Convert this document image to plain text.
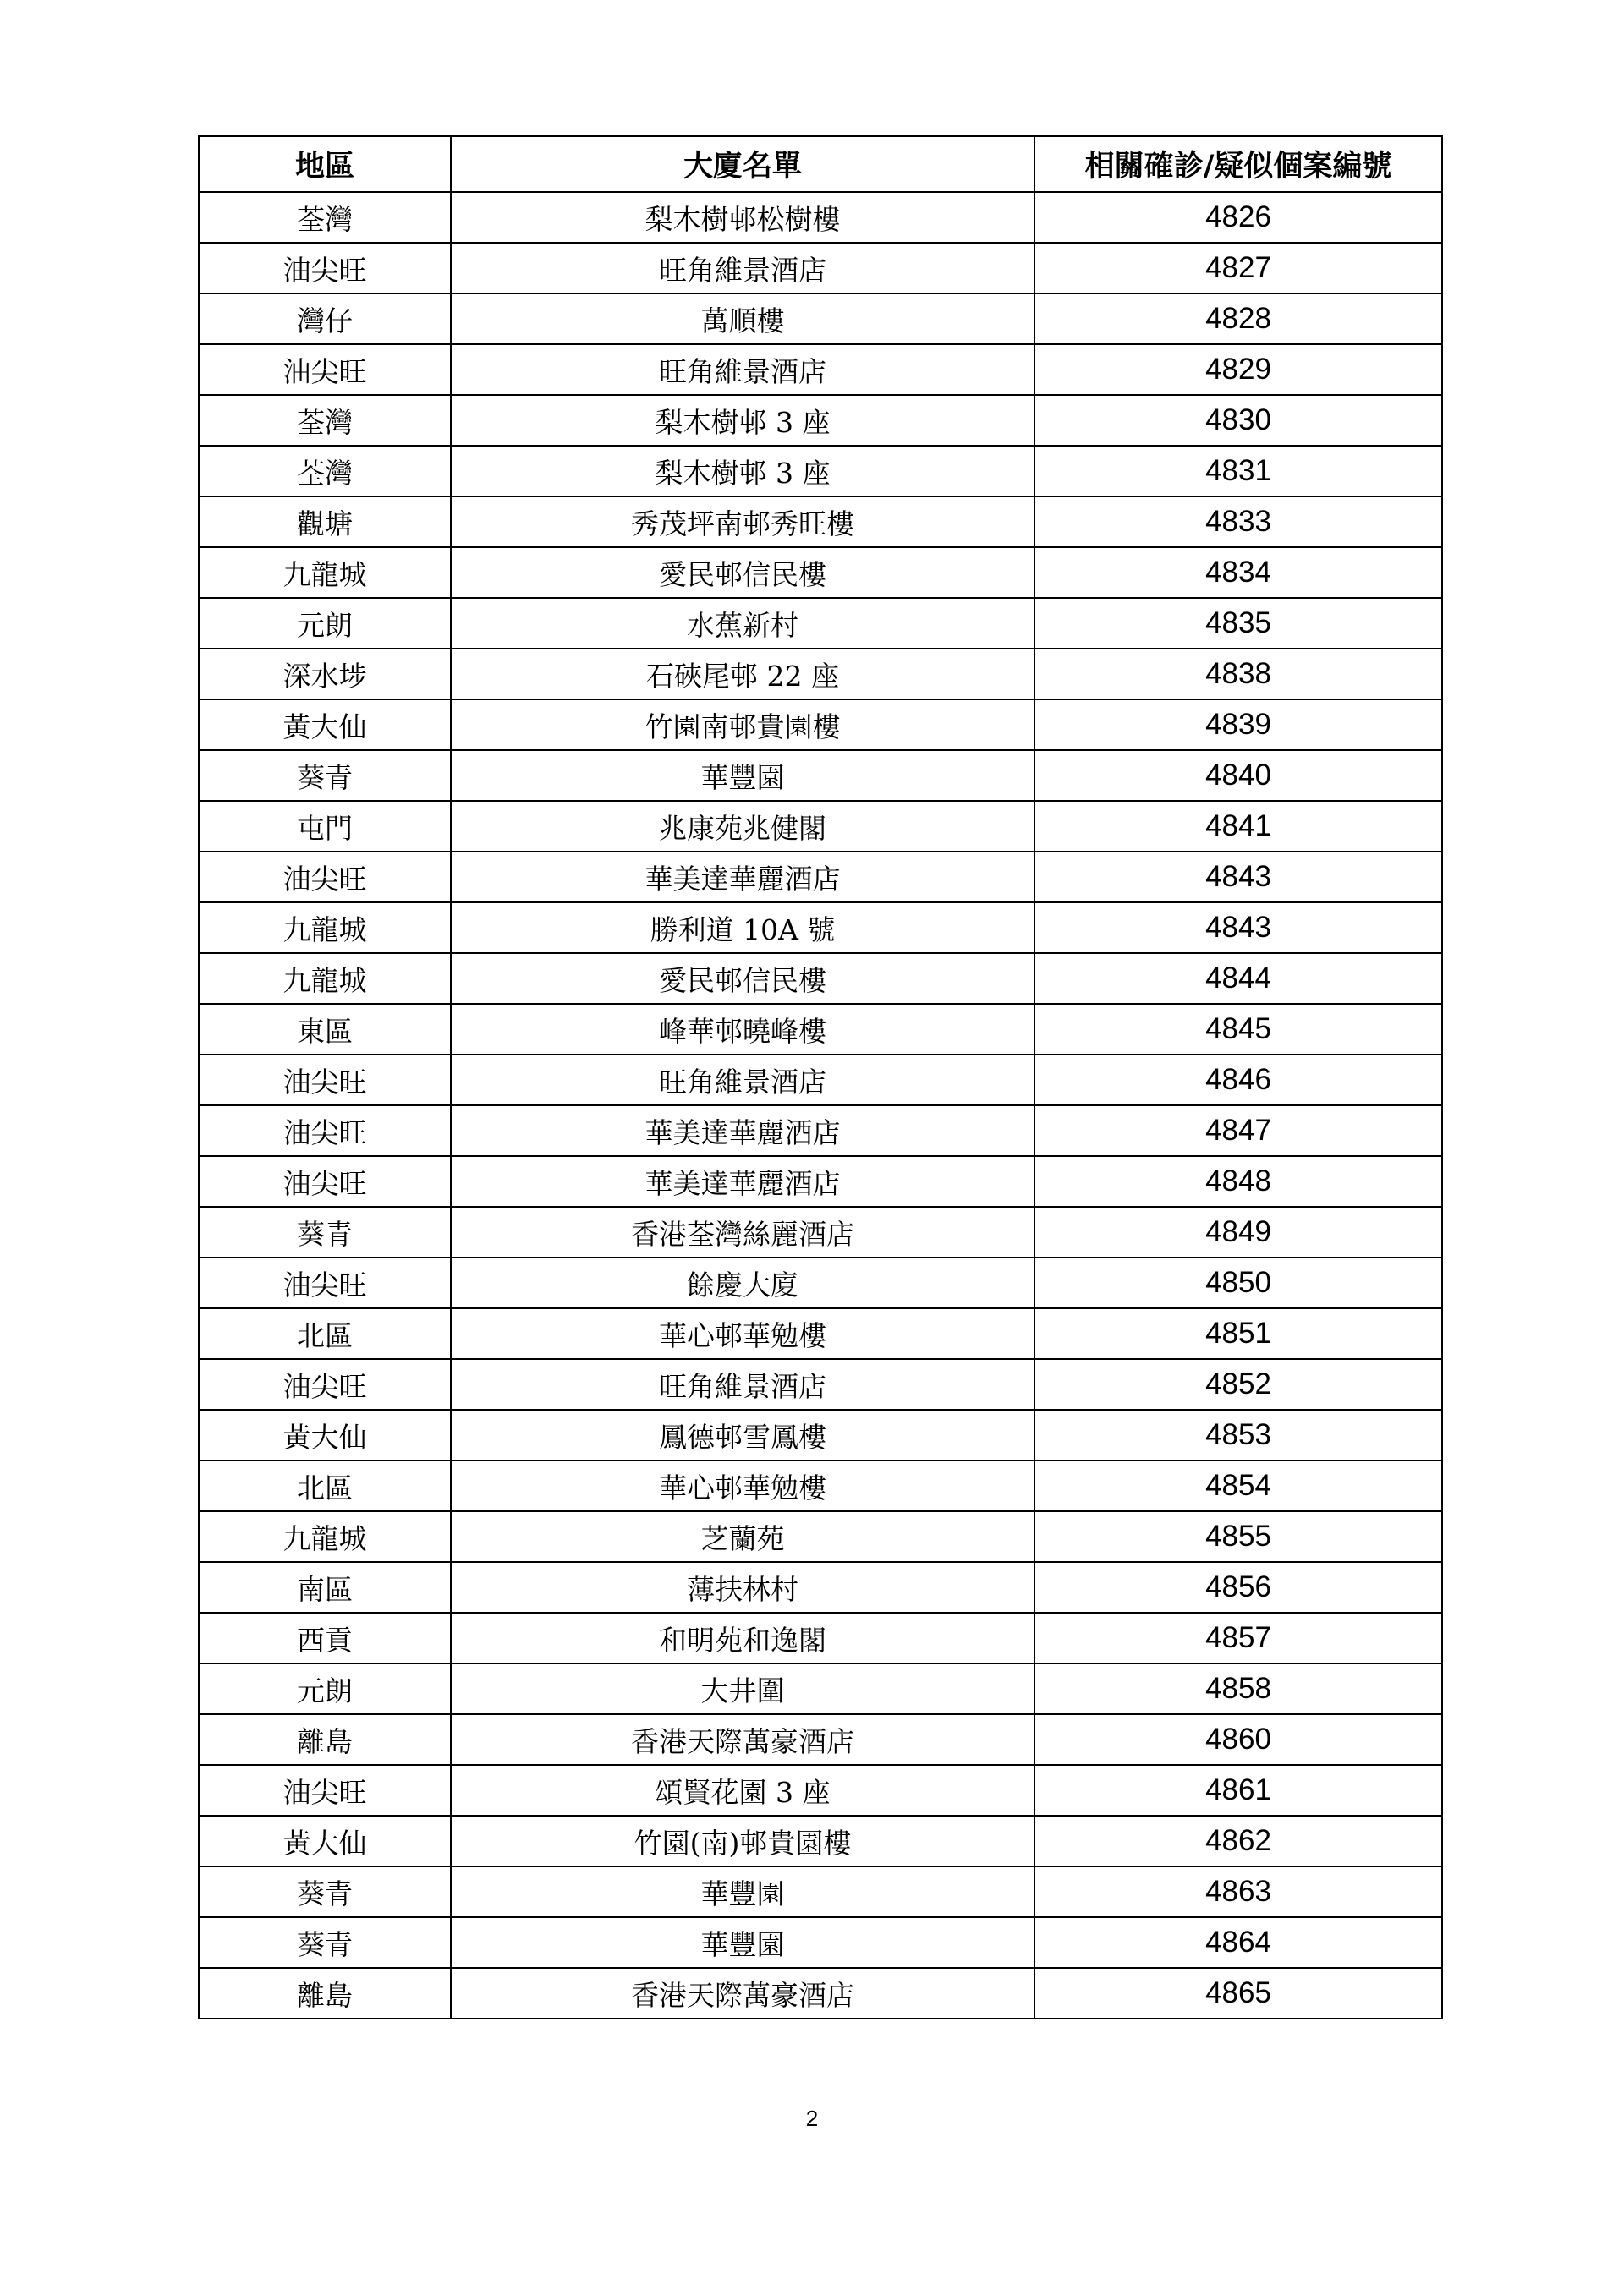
地區	大廈名單	相關確診/疑似個案編號
荃灣	梨木樹邨松樹樓	4826
油尖旺	旺角維景酒店	4827
灣仔	萬順樓	4828
油尖旺	旺角維景酒店	4829
荃灣	梨木樹邨 3 座	4830
荃灣	梨木樹邨 3 座	4831
觀塘	秀茂坪南邨秀旺樓	4833
九龍城	愛民邨信民樓	4834
元朗	水蕉新村	4835
深水埗	石硤尾邨 22 座	4838
黃大仙	竹園南邨貴園樓	4839
葵青	華豐園	4840
屯門	兆康苑兆健閣	4841
油尖旺	華美達華麗酒店	4843
九龍城	勝利道 10A 號	4843
九龍城	愛民邨信民樓	4844
東區	峰華邨曉峰樓	4845
油尖旺	旺角維景酒店	4846
油尖旺	華美達華麗酒店	4847
油尖旺	華美達華麗酒店	4848
葵青	香港荃灣絲麗酒店	4849
油尖旺	餘慶大廈	4850
北區	華心邨華勉樓	4851
油尖旺	旺角維景酒店	4852
黃大仙	鳳德邨雪鳳樓	4853
北區	華心邨華勉樓	4854
九龍城	芝蘭苑	4855
南區	薄扶林村	4856
西貢	和明苑和逸閣	4857
元朗	大井圍	4858
離島	香港天際萬豪酒店	4860
油尖旺	頌賢花園 3 座	4861
黃大仙	竹園(南)邨貴園樓	4862
葵青	華豐園	4863
葵青	華豐園	4864
離島	香港天際萬豪酒店	4865
2
